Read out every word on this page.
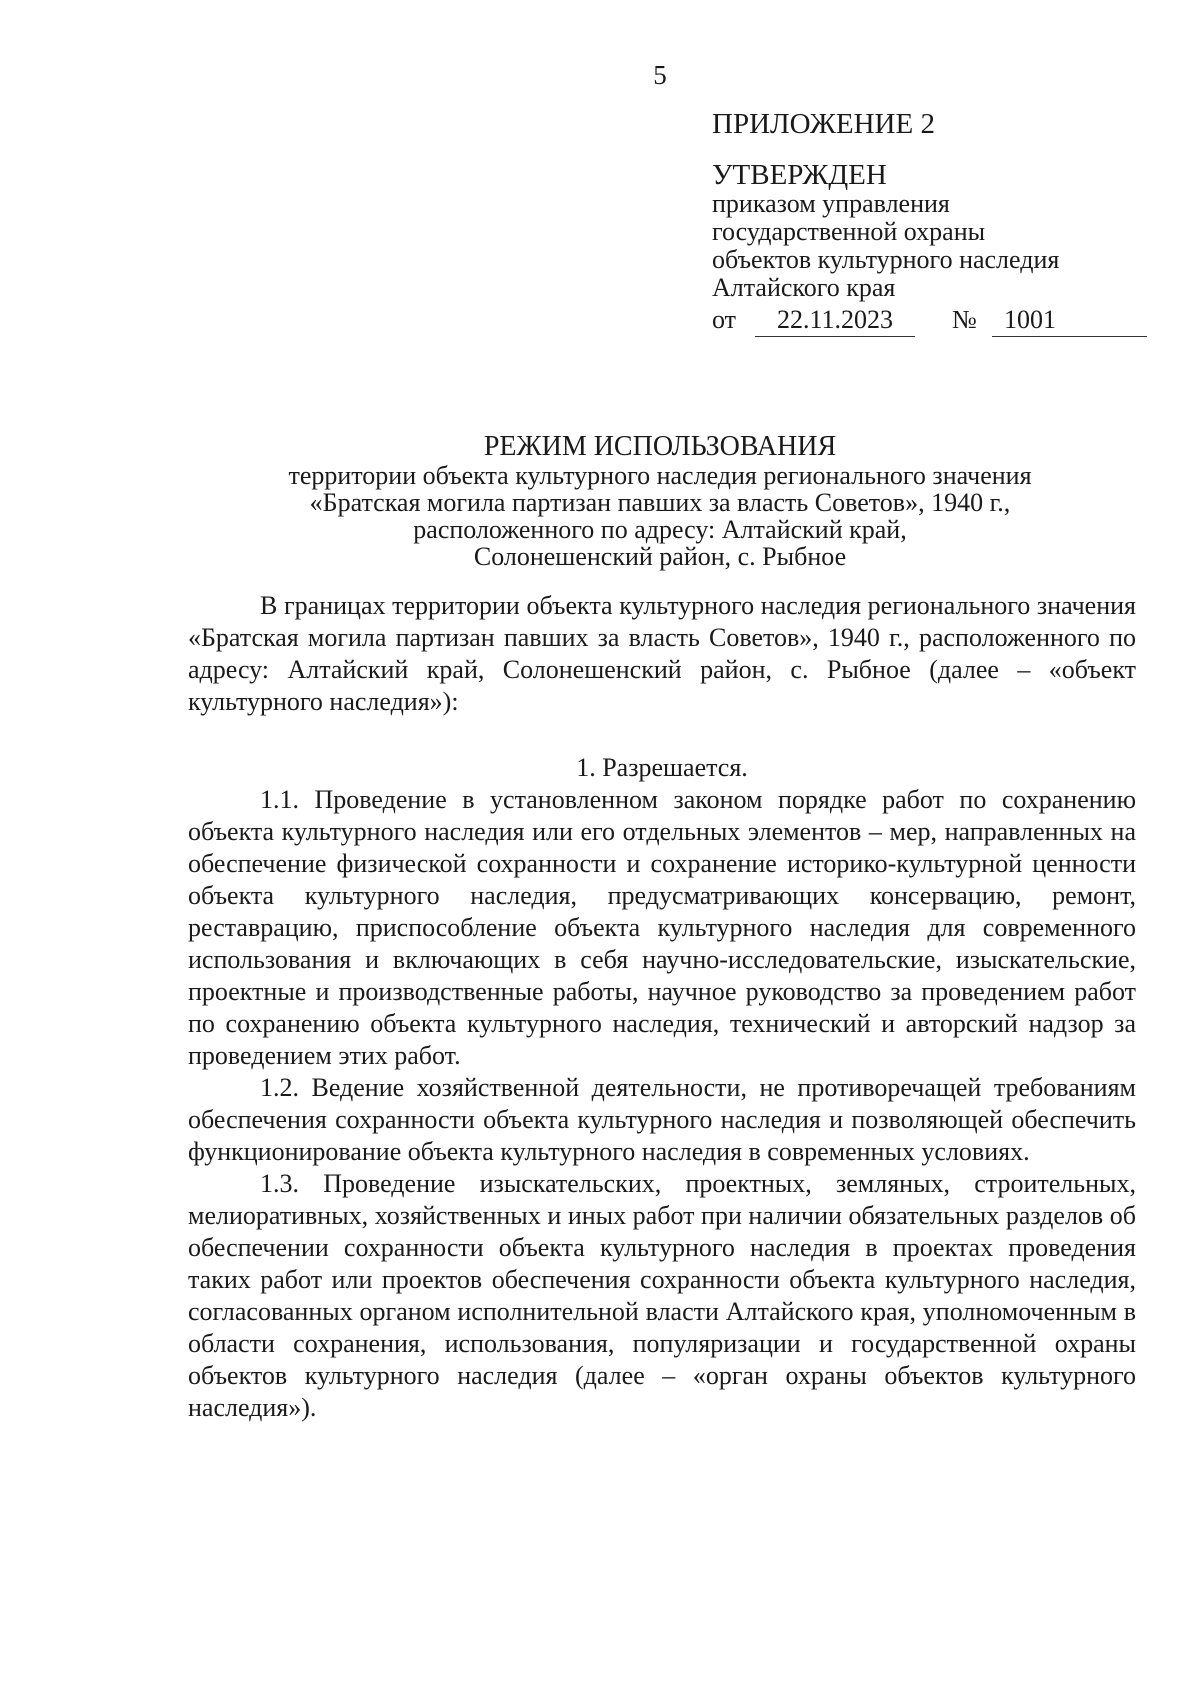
5
ПРИЛОЖЕНИЕ 2
УТВЕРЖДЕН
приказом управления
государственной охраны
объектов культурного наследия
Алтайского края
от	22.11.2023	№	1001
РЕЖИМ ИСПОЛЬЗОВАНИЯ
территории объекта культурного наследия регионального значения
«Братская могила партизан павших за власть Советов», 1940 г.,
расположенного по адресу: Алтайский край,
Солонешенский район, с. Рыбное

В границах территории объекта культурного наследия регионального значения «Братская могила партизан павших за власть Советов», 1940 г., расположенного по адресу: Алтайский край, Солонешенский район, с. Рыбное (далее – «объект культурного наследия»):

1. Разрешается.

1.1. Проведение в установленном законом порядке работ по сохранению объекта культурного наследия или его отдельных элементов – мер, направленных на обеспечение физической сохранности и сохранение историко-культурной ценности объекта культурного наследия, предусматривающих консервацию, ремонт, реставрацию, приспособление объекта культурного наследия для современного использования и включающих в себя научно-исследовательские, изыскательские, проектные и производственные работы, научное руководство за проведением работ по сохранению объекта культурного наследия, технический и авторский надзор за проведением этих работ.

1.2. Ведение хозяйственной деятельности, не противоречащей требованиям обеспечения сохранности объекта культурного наследия и позволяющей обеспечить функционирование объекта культурного наследия в современных условиях.

1.3. Проведение изыскательских, проектных, земляных, строительных, мелиоративных, хозяйственных и иных работ при наличии обязательных разделов об обеспечении сохранности объекта культурного наследия в проектах проведения таких работ или проектов обеспечения сохранности объекта культурного наследия, согласованных органом исполнительной власти Алтайского края, уполномоченным в области сохранения, использования, популяризации и государственной охраны объектов культурного наследия (далее – «орган охраны объектов культурного наследия»).
